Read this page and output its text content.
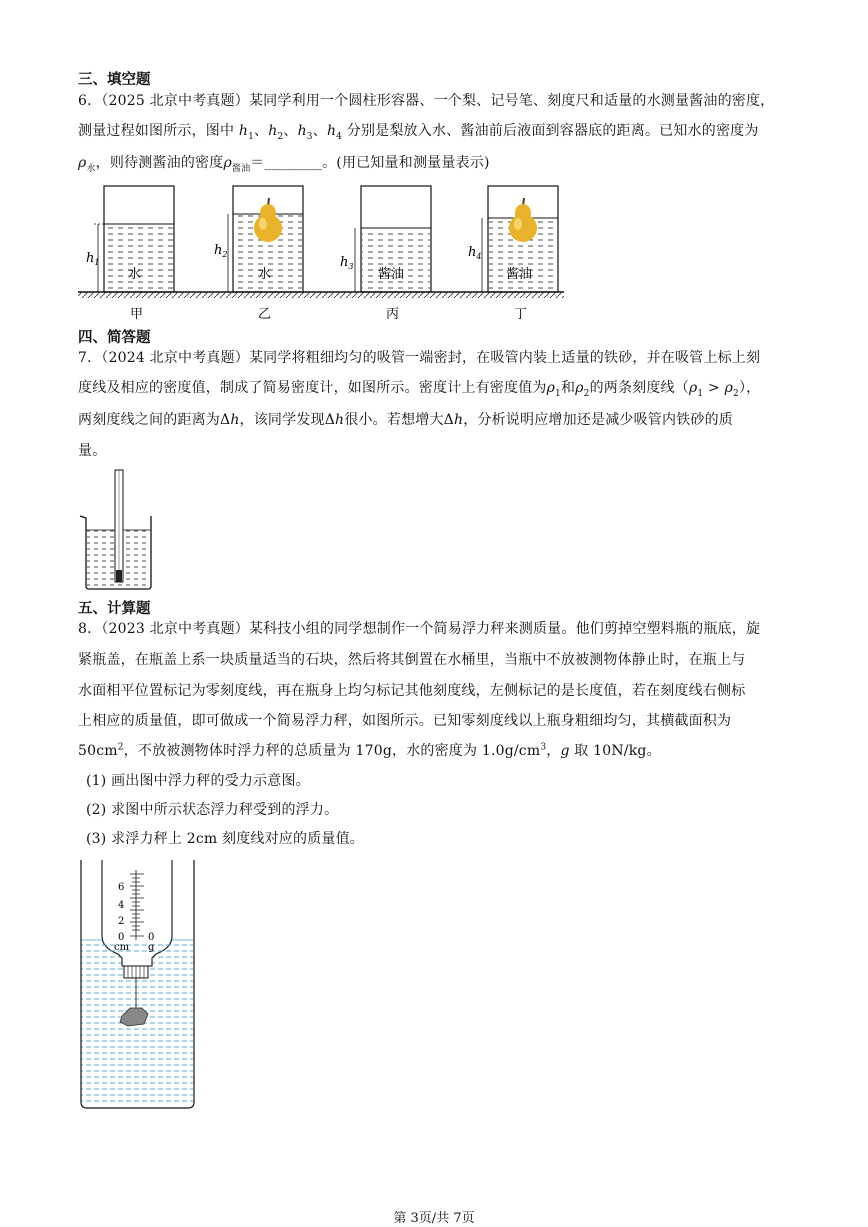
三、填空题
6．（2025 北京中考真题）某同学利用一个圆柱形容器、一个梨、记号笔、刻度尺和适量的水测量酱油的密度，
测量过程如图所示，图中 $h_1$、$h_2$、$h_3$、$h_4$ 分别是梨放入水、酱油前后液面到容器底的距离。已知水的密度为
$\rho_水$，则待测酱油的密度$\rho_{酱油}=\_\_\_\_\_\_\_\_$。(用已知量和测量量表示)
$h_1$
水
$h_2$
水
$h_3$
酱油
$h_4$
酱油
甲	乙	丙	丁
四、简答题
7．（2024 北京中考真题）某同学将粗细均匀的吸管一端密封，在吸管内装上适量的铁砂，并在吸管上标上刻
度线及相应的密度值，制成了简易密度计，如图所示。密度计上有密度值为$\rho_1$和$\rho_2$的两条刻度线$(\rho_1 > \rho_2)$，
两刻度线之间的距离为Δh，该同学发现Δh很小。若想增大Δh，分析说明应增加还是减少吸管内铁砂的质
量。
五、计算题
8．（2023 北京中考真题）某科技小组的同学想制作一个简易浮力秤来测质量。他们剪掉空塑料瓶的瓶底，旋
紧瓶盖，在瓶盖上系一块质量适当的石块，然后将其倒置在水桶里，当瓶中不放被测物体静止时，在瓶上与
水面相平位置标记为零刻度线，再在瓶身上均匀标记其他刻度线，左侧标记的是长度值，若在刻度线右侧标
上相应的质量值，即可做成一个简易浮力秤，如图所示。已知零刻度线以上瓶身粗细均匀，其横截面积为
$50cm^2$，不放被测物体时浮力秤的总质量为 170g，水的密度为 $1.0g/cm^3$，g 取 10N/kg。
(1) 画出图中浮力秤的受力示意图。
(2) 求图中所示状态浮力秤受到的浮力。
(3) 求浮力秤上 2cm 刻度线对应的质量值。
6
4
2
0
cm
0
g
第 3页/共 7页
